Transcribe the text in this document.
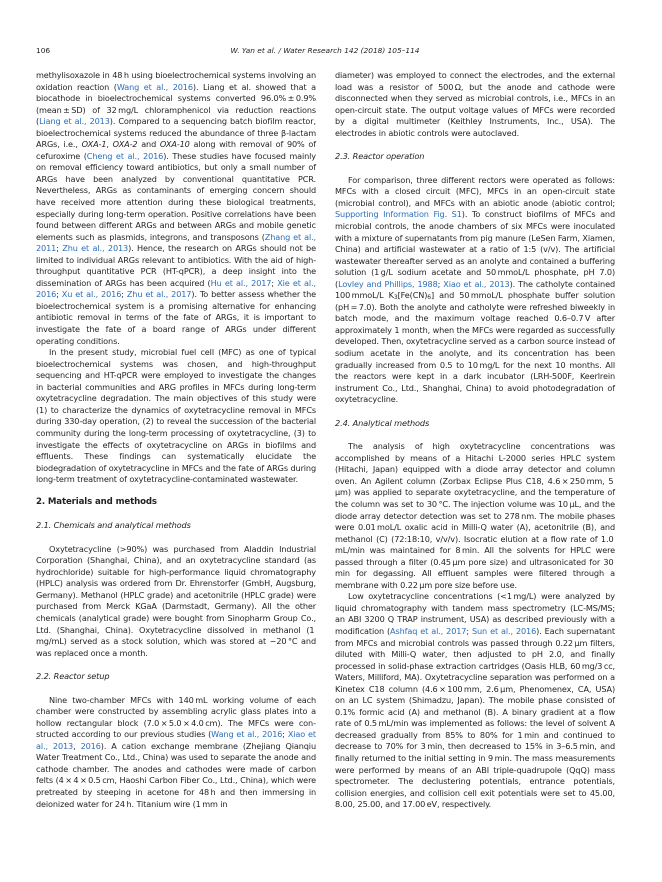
106	W. Yan et al. / Water Research 142 (2018) 105–114

methylisoxazole in 48 h using bioelectrochemical systems involving an oxidation reaction (Wang et al., 2016). Liang et al. showed that a biocathode in bioelectrochemical systems converted 96.0% ± 0.9% (mean ± SD) of 32 mg/L chloramphenicol via reduction reactions (Liang et al., 2013). Compared to a sequencing batch biofilm reactor, bioelectrochemical systems reduced the abundance of three β-lactam ARGs, i.e., OXA-1, OXA-2 and OXA-10 along with removal of 90% of cefuroxime (Cheng et al., 2016). These studies have focused mainly on removal efficiency toward antibiotics, but only a small number of ARGs have been analyzed by conventional quantitative PCR. Nevertheless, ARGs as contaminants of emerging concern should have received more attention during these biological treatments, especially during long-term operation. Positive correlations have been found between different ARGs and between ARGs and mobile genetic elements such as plasmids, integrons, and transposons (Zhang et al., 2011; Zhu et al., 2013). Hence, the research on ARGs should not be limited to individual ARGs relevant to antibiotics. With the aid of high-throughput quantitative PCR (HT-qPCR), a deep insight into the dissemination of ARGs has been acquired (Hu et al., 2017; Xie et al., 2016; Xu et al., 2016; Zhu et al., 2017). To better assess whether the bioelectrochemical system is a promising alternative for enhancing antibiotic removal in terms of the fate of ARGs, it is important to investigate the fate of a board range of ARGs under different operating conditions.

In the present study, microbial fuel cell (MFC) as one of typical bioelectrochemical systems was chosen, and high-throughput sequencing and HT-qPCR were employed to investigate the changes in bacterial communities and ARG profiles in MFCs during long-term oxytetracycline degradation. The main objectives of this study were (1) to characterize the dynamics of oxytetracycline removal in MFCs during 330-day operation, (2) to reveal the succession of the bacterial community during the long-term processing of oxytetracycline, (3) to investigate the effects of oxytetracycline on ARGs in biofilms and effluents. These findings can systematically elucidate the biodegradation of oxytetracycline in MFCs and the fate of ARGs during long-term treatment of oxytetracycline-contaminated wastewater.

2. Materials and methods
2.1. Chemicals and analytical methods

Oxytetracycline (>90%) was purchased from Aladdin Industrial Corporation (Shanghai, China), and an oxytetracycline standard (as hydrochloride) suitable for high-performance liquid chromatography (HPLC) analysis was ordered from Dr. Ehrenstorfer (GmbH, Augsburg, Germany). Methanol (HPLC grade) and acetonitrile (HPLC grade) were purchased from Merck KGaA (Darmstadt, Germany). All the other chemicals (analytical grade) were bought from Sinopharm Group Co., Ltd. (Shanghai, China). Oxytetracycline dissolved in methanol (1 mg/mL) served as a stock solution, which was stored at −20 °C and was replaced once a month.

2.2. Reactor setup

Nine two-chamber MFCs with 140 mL working volume of each chamber were constructed by assembling acrylic glass plates into a hollow rectangular block (7.0 × 5.0 × 4.0 cm). The MFCs were constructed according to our previous studies (Wang et al., 2016; Xiao et al., 2013, 2016). A cation exchange membrane (Zhejiang Qianqiu Water Treatment Co., Ltd., China) was used to separate the anode and cathode chamber. The anodes and cathodes were made of carbon felts (4 × 4 × 0.5 cm, Haoshi Carbon Fiber Co., Ltd., China), which were pretreated by steeping in acetone for 48 h and then immersing in deionized water for 24 h. Titanium wire (1 mm in

diameter) was employed to connect the electrodes, and the external load was a resistor of 500 Ω, but the anode and cathode were disconnected when they served as microbial controls, i.e., MFCs in an open-circuit state. The output voltage values of MFCs were recorded by a digital multimeter (Keithley Instruments, Inc., USA). The electrodes in abiotic controls were autoclaved.

2.3. Reactor operation

For comparison, three different rectors were operated as follows: MFCs with a closed circuit (MFC), MFCs in an open-circuit state (microbial control), and MFCs with an abiotic anode (abiotic control; Supporting Information Fig. S1). To construct biofilms of MFCs and microbial controls, the anode chambers of six MFCs were inoculated with a mixture of supernatants from pig manure (LeSen Farm, Xiamen, China) and artificial wastewater at a ratio of 1:5 (v/v). The artificial wastewater thereafter served as an anolyte and contained a buffering solution (1 g/L sodium acetate and 50 mmoL/L phosphate, pH 7.0) (Lovley and Phillips, 1988; Xiao et al., 2013). The catholyte contained 100 mmoL/L $K_3[Fe(CN)_6]$ and 50 mmoL/L phosphate buffer solution (pH = 7.0). Both the anolyte and catholyte were refreshed biweekly in batch mode, and the maximum voltage reached 0.6–0.7 V after approximately 1 month, when the MFCs were regarded as successfully developed. Then, oxytetracycline served as a carbon source instead of sodium acetate in the anolyte, and its concentration has been gradually increased from 0.5 to 10 mg/L for the next 10 months. All the reactors were kept in a dark incubator (LRH-500F, Keerlrein instrument Co., Ltd., Shanghai, China) to avoid photodegradation of oxytetracycline.

2.4. Analytical methods

The analysis of high oxytetracycline concentrations was accomplished by means of a Hitachi L-2000 series HPLC system (Hitachi, Japan) equipped with a diode array detector and column oven. An Agilent column (Zorbax Eclipse Plus C18, 4.6 × 250 mm, 5 μm) was applied to separate oxytetracycline, and the temperature of the column was set to 30 °C. The injection volume was 10 μL, and the diode array detector detection was set to 278 nm. The mobile phases were 0.01 moL/L oxalic acid in Milli-Q water (A), acetonitrile (B), and methanol (C) (72:18:10, v/v/v). Isocratic elution at a flow rate of 1.0 mL/min was maintained for 8 min. All the solvents for HPLC were passed through a filter (0.45 μm pore size) and ultrasonicated for 30 min for degassing. All effluent samples were filtered through a membrane with 0.22 μm pore size before use.

Low oxytetracycline concentrations (<1 mg/L) were analyzed by liquid chromatography with tandem mass spectrometry (LC-MS/MS; an ABI 3200 Q TRAP instrument, USA) as described previously with a modification (Ashfaq et al., 2017; Sun et al., 2016). Each supernatant from MFCs and microbial controls was passed through 0.22 μm filters, diluted with Milli-Q water, then adjusted to pH 2.0, and finally processed in solid-phase extraction cartridges (Oasis HLB, 60 mg/3 cc, Waters, Milliford, MA). Oxytetracycline separation was performed on a Kinetex C18 column (4.6 × 100 mm, 2.6 μm, Phenomenex, CA, USA) on an LC system (Shimadzu, Japan). The mobile phase consisted of 0.1% formic acid (A) and methanol (B). A binary gradient at a flow rate of 0.5 mL/min was implemented as follows: the level of solvent A decreased gradually from 85% to 80% for 1 min and continued to decrease to 70% for 3 min, then decreased to 15% in 3–6.5 min, and finally returned to the initial setting in 9 min. The mass measurements were performed by means of an ABI triple-quadrupole (QqQ) mass spectrometer. The declustering potentials, entrance potentials, collision energies, and collision cell exit potentials were set to 45.00, 8.00, 25.00, and 17.00 eV, respectively.
